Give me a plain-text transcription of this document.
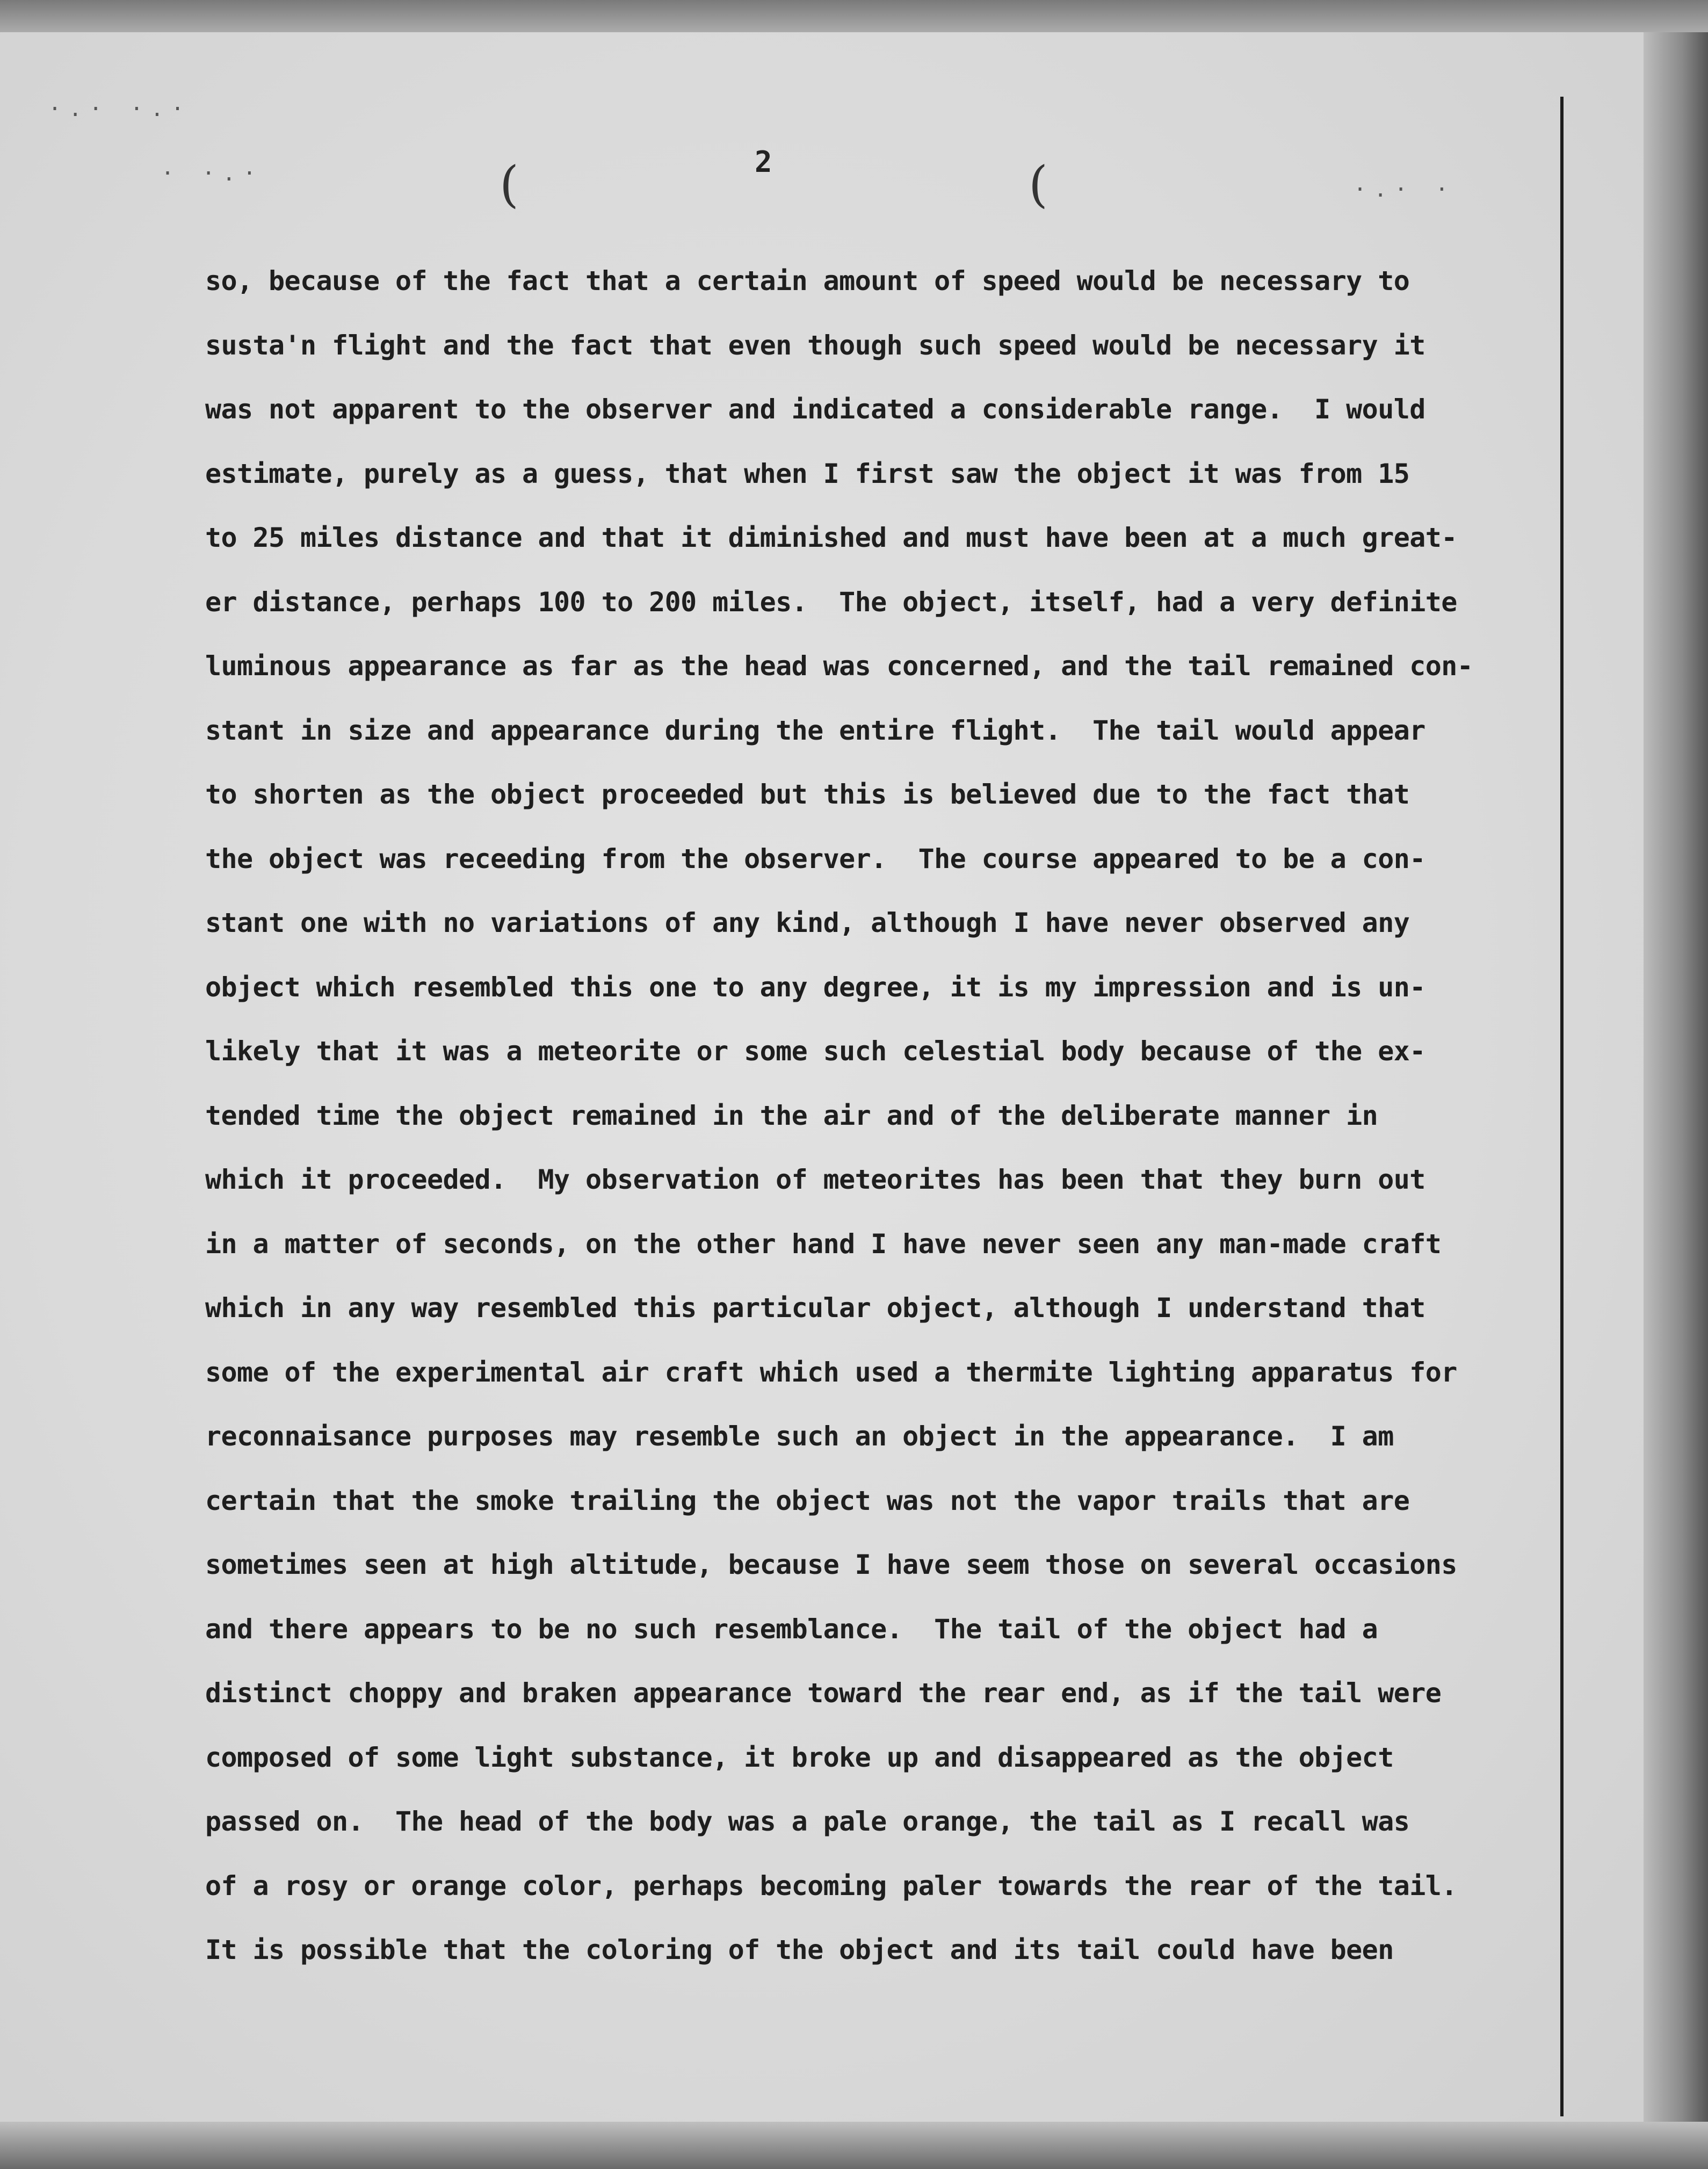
·.· ·.·
· ·.·
·.· ·
(	2	(
so, because of the fact that a certain amount of speed would be necessary to
susta'n flight and the fact that even though such speed would be necessary it
was not apparent to the observer and indicated a considerable range.  I would
estimate, purely as a guess, that when I first saw the object it was from 15
to 25 miles distance and that it diminished and must have been at a much great-
er distance, perhaps 100 to 200 miles.  The object, itself, had a very definite
luminous appearance as far as the head was concerned, and the tail remained con-
stant in size and appearance during the entire flight.  The tail would appear
to shorten as the object proceeded but this is believed due to the fact that
the object was receeding from the observer.  The course appeared to be a con-
stant one with no variations of any kind, although I have never observed any
object which resembled this one to any degree, it is my impression and is un-
likely that it was a meteorite or some such celestial body because of the ex-
tended time the object remained in the air and of the deliberate manner in
which it proceeded.  My observation of meteorites has been that they burn out
in a matter of seconds, on the other hand I have never seen any man-made craft
which in any way resembled this particular object, although I understand that
some of the experimental air craft which used a thermite lighting apparatus for
reconnaisance purposes may resemble such an object in the appearance.  I am
certain that the smoke trailing the object was not the vapor trails that are
sometimes seen at high altitude, because I have seem those on several occasions
and there appears to be no such resemblance.  The tail of the object had a
distinct choppy and braken appearance toward the rear end, as if the tail were
composed of some light substance, it broke up and disappeared as the object
passed on.  The head of the body was a pale orange, the tail as I recall was
of a rosy or orange color, perhaps becoming paler towards the rear of the tail.
It is possible that the coloring of the object and its tail could have been
